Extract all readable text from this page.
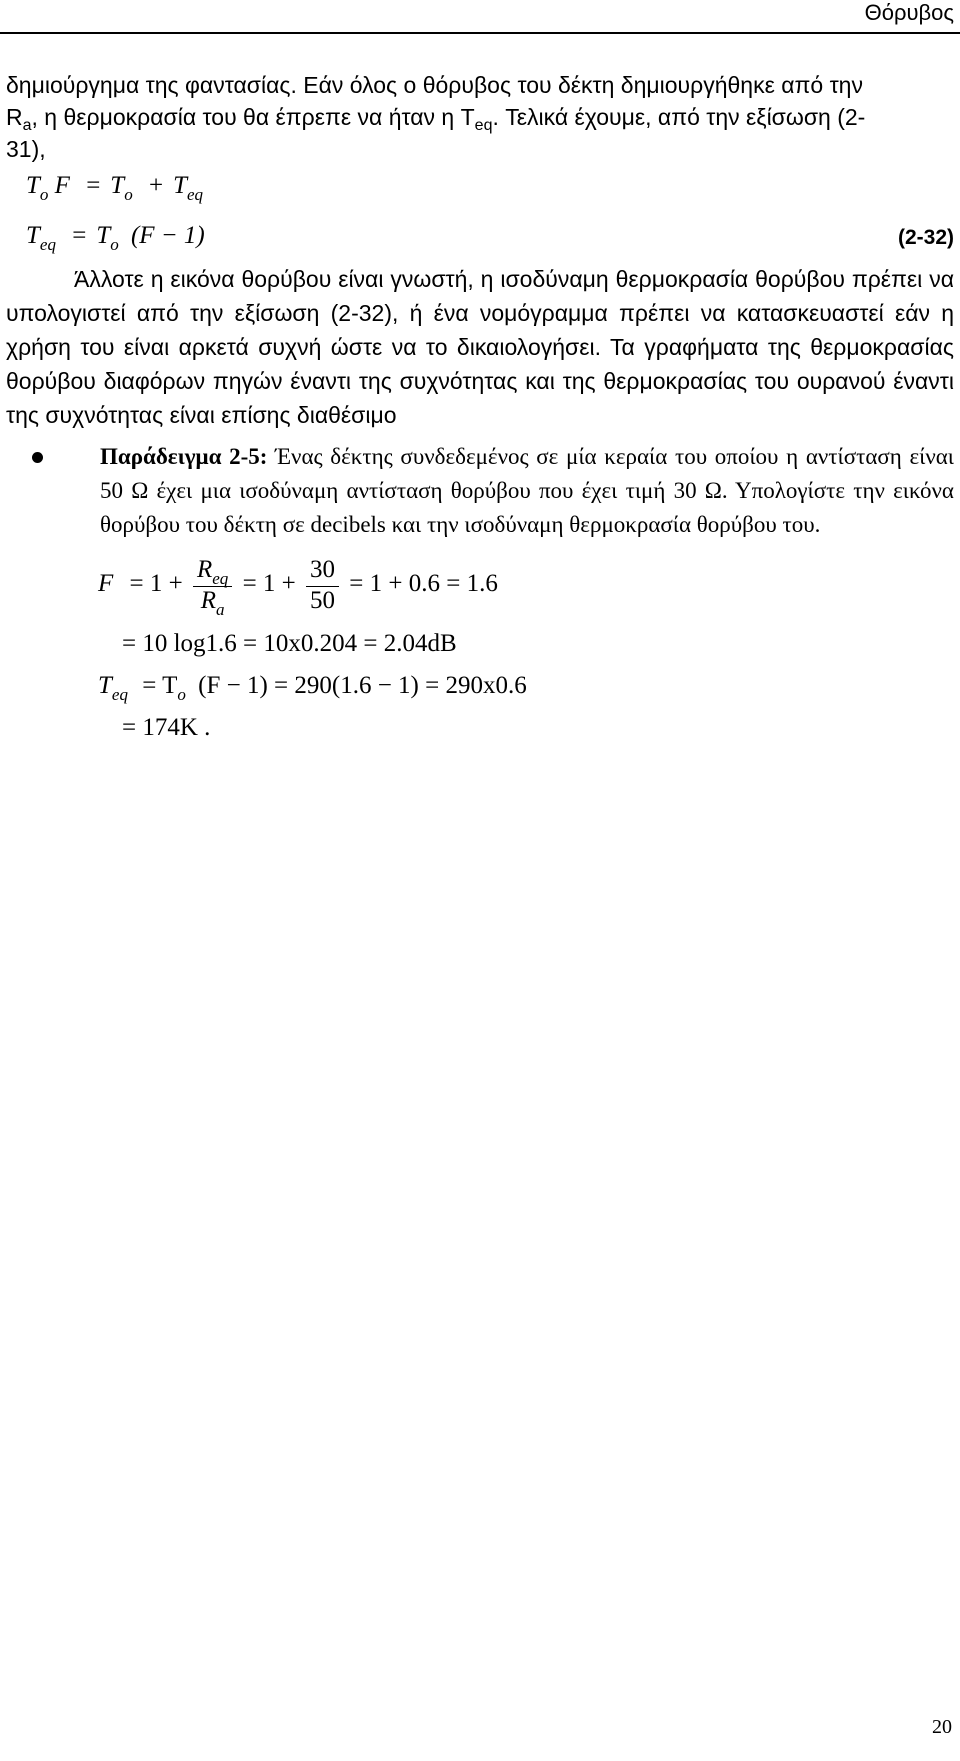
Θόρυβος
δημιούργημα της φαντασίας. Εάν όλος ο θόρυβος του δέκτη δημιουργήθηκε από την
$R_a$, η θερμοκρασία του θα έπρεπε να ήταν η $T_{eq}$. Τελικά έχουμε, από την εξίσωση (2-
31),
$T_o$ $F = T_o + T_{eq}$
$T_{eq} = T_o$ (F − 1)	(2-32)
Άλλοτε η εικόνα θορύβου είναι γνωστή, η ισοδύναμη θερμοκρασία θορύβου πρέπει να υπολογιστεί από την εξίσωση (2-32), ή ένα νομόγραμμα πρέπει να κατασκευαστεί εάν η χρήση του είναι αρκετά συχνή ώστε να το δικαιολογήσει. Τα γραφήματα της θερμοκρασίας θορύβου διαφόρων πηγών έναντι της συχνότητας και της θερμοκρασίας του ουρανού έναντι της συχνότητας είναι επίσης διαθέσιμο
Παράδειγμα 2-5: Ένας δέκτης συνδεδεμένος σε μία κεραία του οποίου η αντίσταση είναι 50 Ω έχει μια ισοδύναμη αντίσταση θορύβου που έχει τιμή 30 Ω. Υπολογίστε την εικόνα θορύβου του δέκτη σε decibels και την ισοδύναμη θερμοκρασία θορύβου του.
$F = 1 + \frac{R_{eq}}{R_a} = 1 + \frac{30}{50} = 1 + 0.6 = 1.6$
= 10 log1.6 = 10x0.204 = 2.04dB
$T_{eq} = T_o$ (F − 1) = 290(1.6 − 1) = 290x0.6
= 174K .
20
